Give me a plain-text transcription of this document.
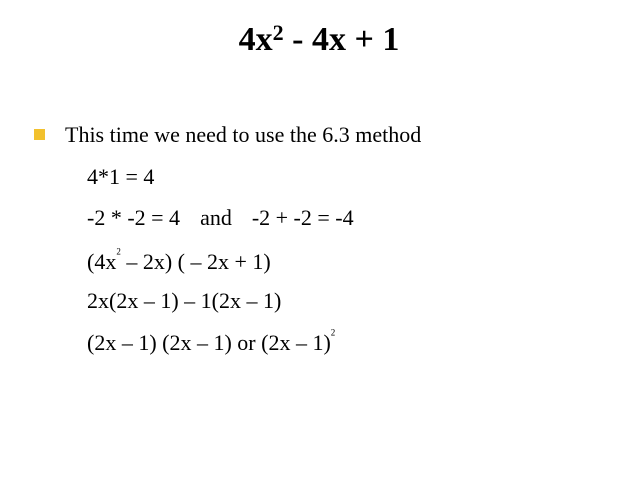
$4x^2 - 4x + 1$
This time we need to use the 6.3 method
4*1 = 4
-2 * -2 = 4 and -2 + -2 = -4
$(4x^2 - 2x)$ ( – 2x + 1)
2x(2x – 1) – 1(2x – 1)
(2x – 1) (2x – 1) or (2x – 1)$^2$
